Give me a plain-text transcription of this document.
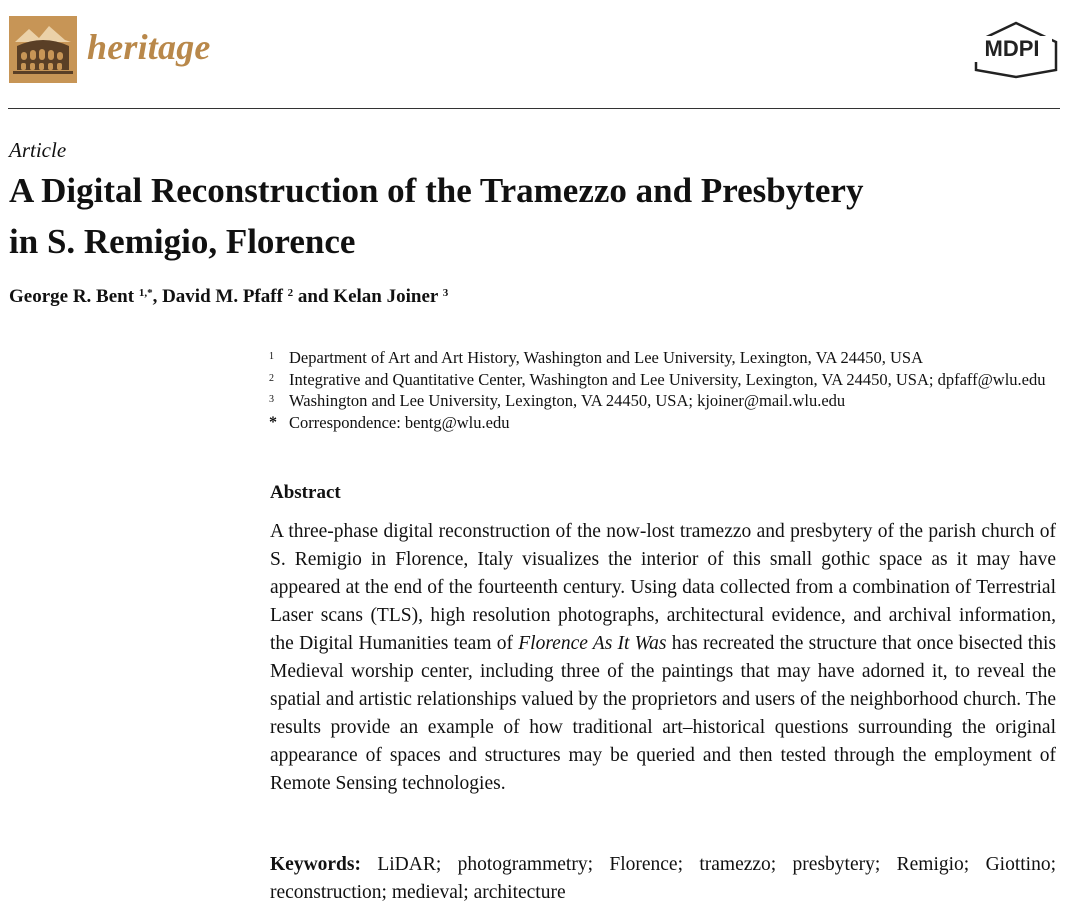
heritage	MDPI
Article
A Digital Reconstruction of the Tramezzo and Presbytery
in S. Remigio, Florence
George R. Bent $^{1,*}$, David M. Pfaff $^2$ and Kelan Joiner $^3$
1 Department of Art and Art History, Washington and Lee University, Lexington, VA 24450, USA
2 Integrative and Quantitative Center, Washington and Lee University, Lexington, VA 24450, USA; dpfaff@wlu.edu
3 Washington and Lee University, Lexington, VA 24450, USA; kjoiner@mail.wlu.edu
* Correspondence: bentg@wlu.edu
Abstract

A three-phase digital reconstruction of the now-lost tramezzo and presbytery of the parish church of S. Remigio in Florence, Italy visualizes the interior of this small gothic space as it may have appeared at the end of the fourteenth century. Using data collected from a combination of Terrestrial Laser scans (TLS), high resolution photographs, architectural evidence, and archival information, the Digital Humanities team of Florence As It Was has recreated the structure that once bisected this Medieval worship center, including three of the paintings that may have adorned it, to reveal the spatial and artistic relationships valued by the proprietors and users of the neighborhood church. The results provide an example of how traditional art–historical questions surrounding the original appearance of spaces and structures may be queried and then tested through the employment of Remote Sensing technologies.

Keywords: LiDAR; photogrammetry; Florence; tramezzo; presbytery; Remigio; Giottino; reconstruction; medieval; architecture
